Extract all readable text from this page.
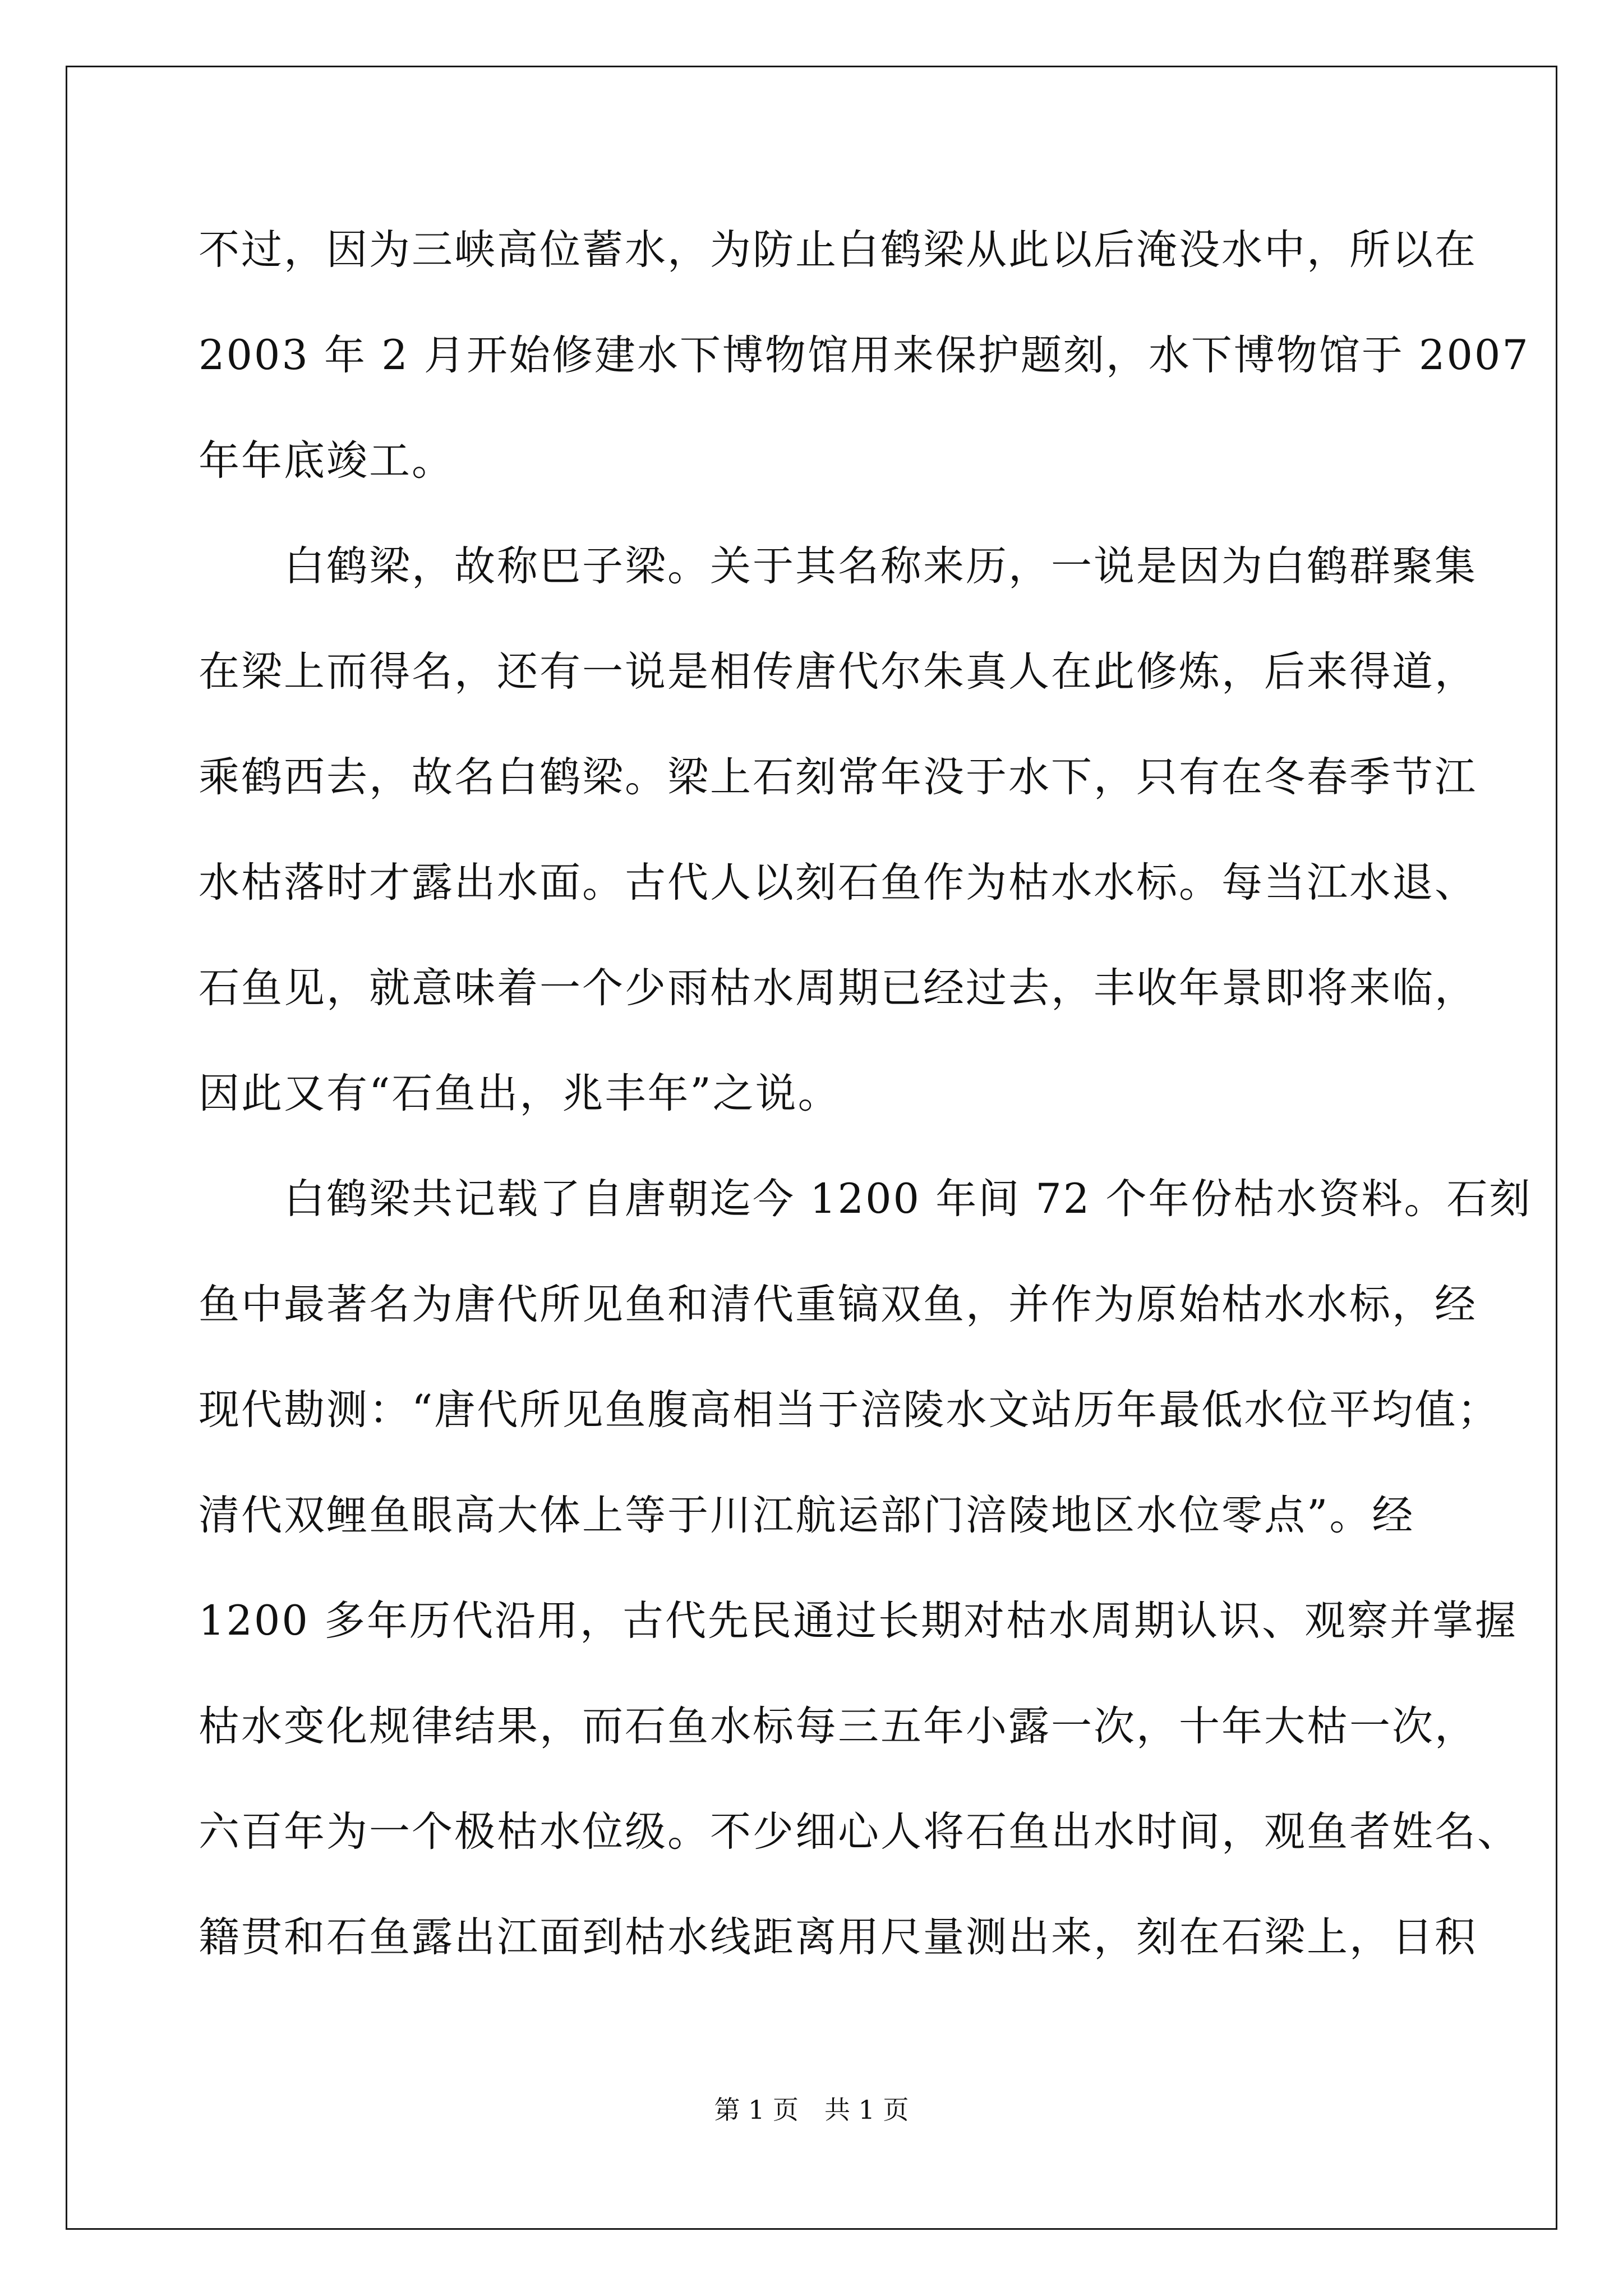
不过，因为三峡高位蓄水，为防止白鹤梁从此以后淹没水中，所以在
2003 年 2 月开始修建水下博物馆用来保护题刻，水下博物馆于 2007
年年底竣工。

　　白鹤梁，故称巴子梁。关于其名称来历，一说是因为白鹤群聚集
在梁上而得名，还有一说是相传唐代尔朱真人在此修炼，后来得道，
乘鹤西去，故名白鹤梁。梁上石刻常年没于水下，只有在冬春季节江
水枯落时才露出水面。古代人以刻石鱼作为枯水水标。每当江水退、
石鱼见，就意味着一个少雨枯水周期已经过去，丰收年景即将来临，
因此又有“石鱼出，兆丰年”之说。

　　白鹤梁共记载了自唐朝迄今 1200 年间 72 个年份枯水资料。石刻
鱼中最著名为唐代所见鱼和清代重镐双鱼，并作为原始枯水水标，经
现代勘测：“唐代所见鱼腹高相当于涪陵水文站历年最低水位平均值；
清代双鲤鱼眼高大体上等于川江航运部门涪陵地区水位零点”。经
1200 多年历代沿用，古代先民通过长期对枯水周期认识、观察并掌握
枯水变化规律结果，而石鱼水标每三五年小露一次，十年大枯一次，
六百年为一个极枯水位级。不少细心人将石鱼出水时间，观鱼者姓名、
籍贯和石鱼露出江面到枯水线距离用尺量测出来，刻在石梁上，日积

第 1 页　共 1 页
